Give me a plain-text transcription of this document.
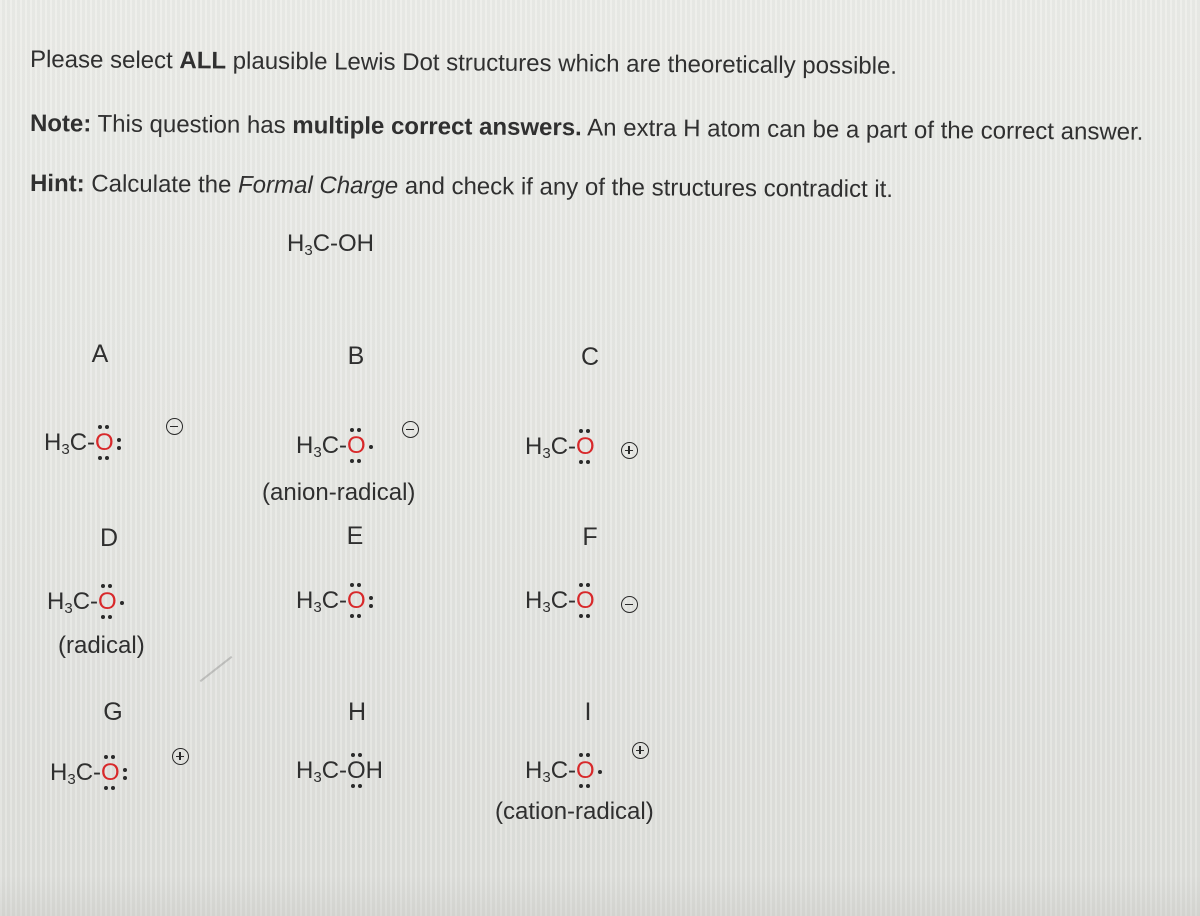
Please select ALL plausible Lewis Dot structures which are theoretically possible.
Note: This question has multiple correct answers. An extra H atom can be a part of the correct answer.
Hint: Calculate the Formal Charge and check if any of the structures contradict it.
$H_3C-OH$
A
$H_3C-$
O
B
$H_3C-$
O
(anion-radical)
C
$H_3C-$
O
D
$H_3C-$
O
(radical)
E
$H_3C-$
O
F
$H_3C-$
O
G
$H_3C-$
O
H
$H_3C-$
OH
I
$H_3C-$
O
(cation-radical)
